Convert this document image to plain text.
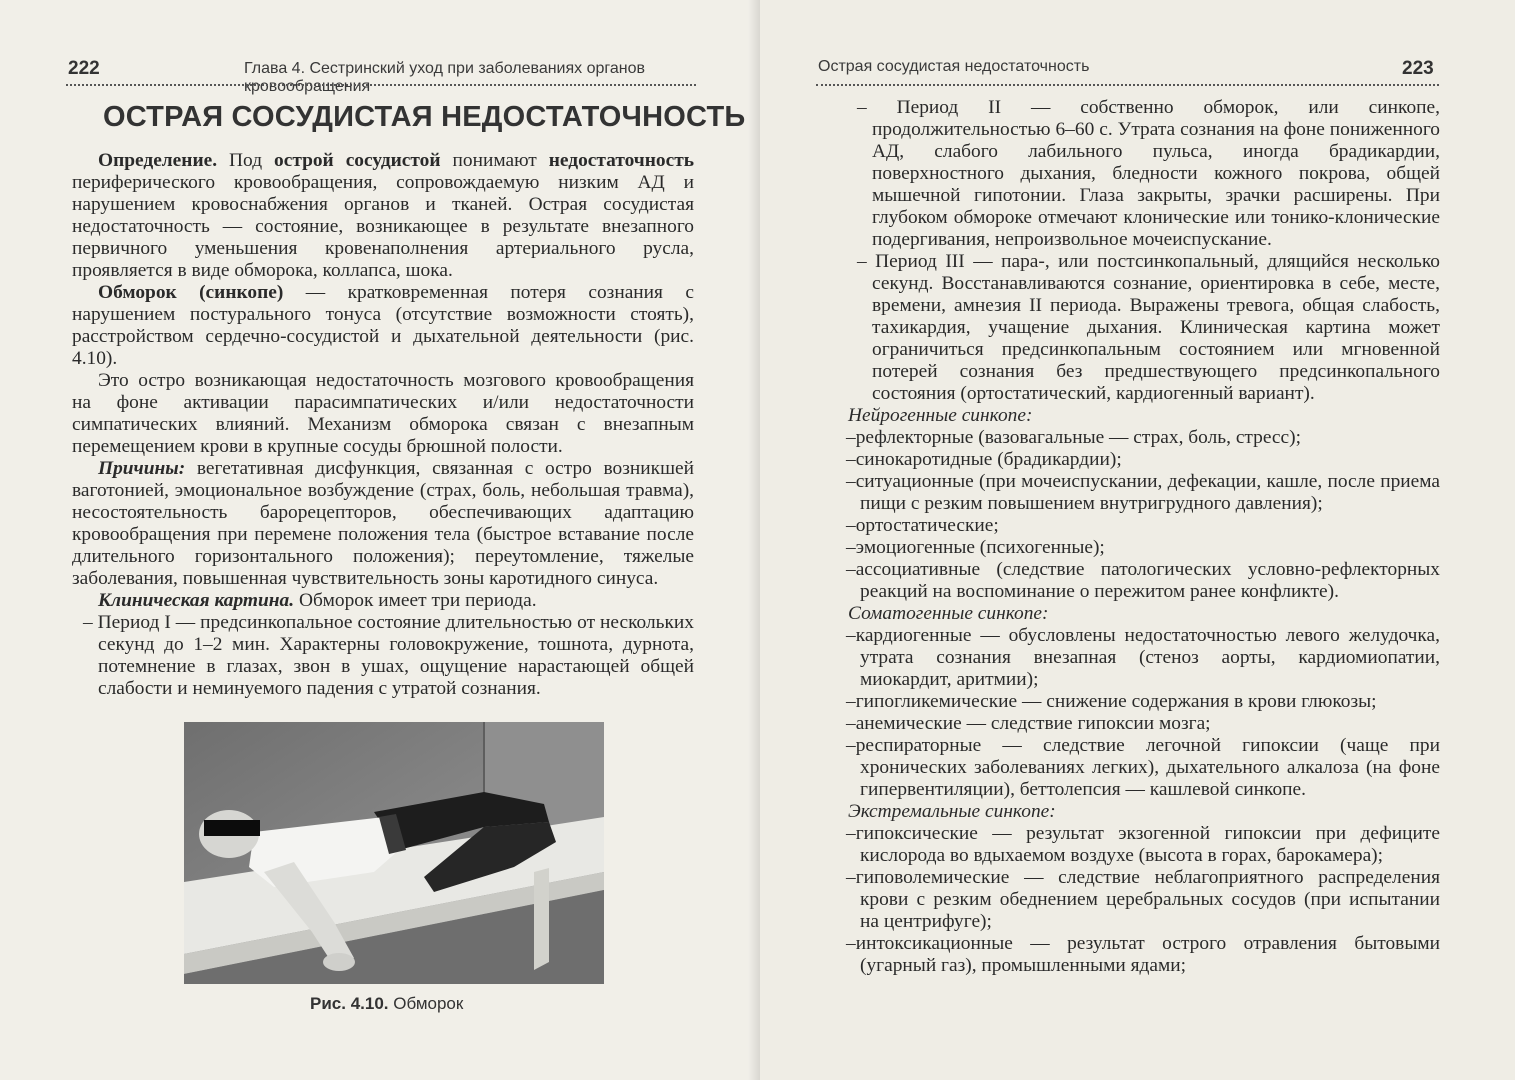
222	Глава 4. Сестринский уход при заболеваниях органов кровообращения
ОСТРАЯ СОСУДИСТАЯ НЕДОСТАТОЧНОСТЬ

Определение. Под острой сосудистой понимают недостаточность периферического кровообращения, сопровождаемую низким АД и нарушением кровоснабжения органов и тканей. Острая сосудистая недостаточность — состояние, возникающее в результате внезапного первичного уменьшения кровенаполнения артериального русла, проявляется в виде обморока, коллапса, шока.

Обморок (синкопе) — кратковременная потеря сознания с нарушением постурального тонуса (отсутствие возможности стоять), расстройством сердечно-сосудистой и дыхательной деятельности (рис. 4.10).

Это остро возникающая недостаточность мозгового кровообращения на фоне активации парасимпатических и/или недостаточности симпатических влияний. Механизм обморока связан с внезапным перемещением крови в крупные сосуды брюшной полости.

Причины: вегетативная дисфункция, связанная с остро возникшей ваготонией, эмоциональное возбуждение (страх, боль, небольшая травма), несостоятельность барорецепторов, обеспечивающих адаптацию кровообращения при перемене положения тела (быстрое вставание после длительного горизонтального положения); переутомление, тяжелые заболевания, повышенная чувствительность зоны каротидного синуса.

Клиническая картина. Обморок имеет три периода.

– Период I — предсинкопальное состояние длительностью от нескольких секунд до 1–2 мин. Характерны головокружение, тошнота, дурнота, потемнение в глазах, звон в ушах, ощущение нарастающей общей слабости и неминуемого падения с утратой сознания.

Рис. 4.10. Обморок
Острая сосудистая недостаточность	223

– Период II — собственно обморок, или синкопе, продолжительностью 6–60 с. Утрата сознания на фоне пониженного АД, слабого лабильного пульса, иногда брадикардии, поверхностного дыхания, бледности кожного покрова, общей мышечной гипотонии. Глаза закрыты, зрачки расширены. При глубоком обмороке отмечают клонические или тонико-клонические подергивания, непроизвольное мочеиспускание.

– Период III — пара-, или постсинкопальный, длящийся несколько секунд. Восстанавливаются сознание, ориентировка в себе, месте, времени, амнезия II периода. Выражены тревога, общая слабость, тахикардия, учащение дыхания. Клиническая картина может ограничиться предсинкопальным состоянием или мгновенной потерей сознания без предшествующего предсинкопального состояния (ортостатический, кардиогенный вариант).

Нейрогенные синкопе:

–рефлекторные (вазовагальные — страх, боль, стресс);

–синокаротидные (брадикардии);

–ситуационные (при мочеиспускании, дефекации, кашле, после приема пищи с резким повышением внутригрудного давления);

–ортостатические;

–эмоциогенные (психогенные);

–ассоциативные (следствие патологических условно-рефлекторных реакций на воспоминание о пережитом ранее конфликте).

Соматогенные синкопе:

–кардиогенные — обусловлены недостаточностью левого желудочка, утрата сознания внезапная (стеноз аорты, кардиомиопатии, миокардит, аритмии);

–гипогликемические — снижение содержания в крови глюкозы;

–анемические — следствие гипоксии мозга;

–респираторные — следствие легочной гипоксии (чаще при хронических заболеваниях легких), дыхательного алкалоза (на фоне гипервентиляции), беттолепсия — кашлевой синкопе.

Экстремальные синкопе:

–гипоксические — результат экзогенной гипоксии при дефиците кислорода во вдыхаемом воздухе (высота в горах, барокамера);

–гиповолемические — следствие неблагоприятного распределения крови с резким обеднением церебральных сосудов (при испытании на центрифуге);

–интоксикационные — результат острого отравления бытовыми (угарный газ), промышленными ядами;
